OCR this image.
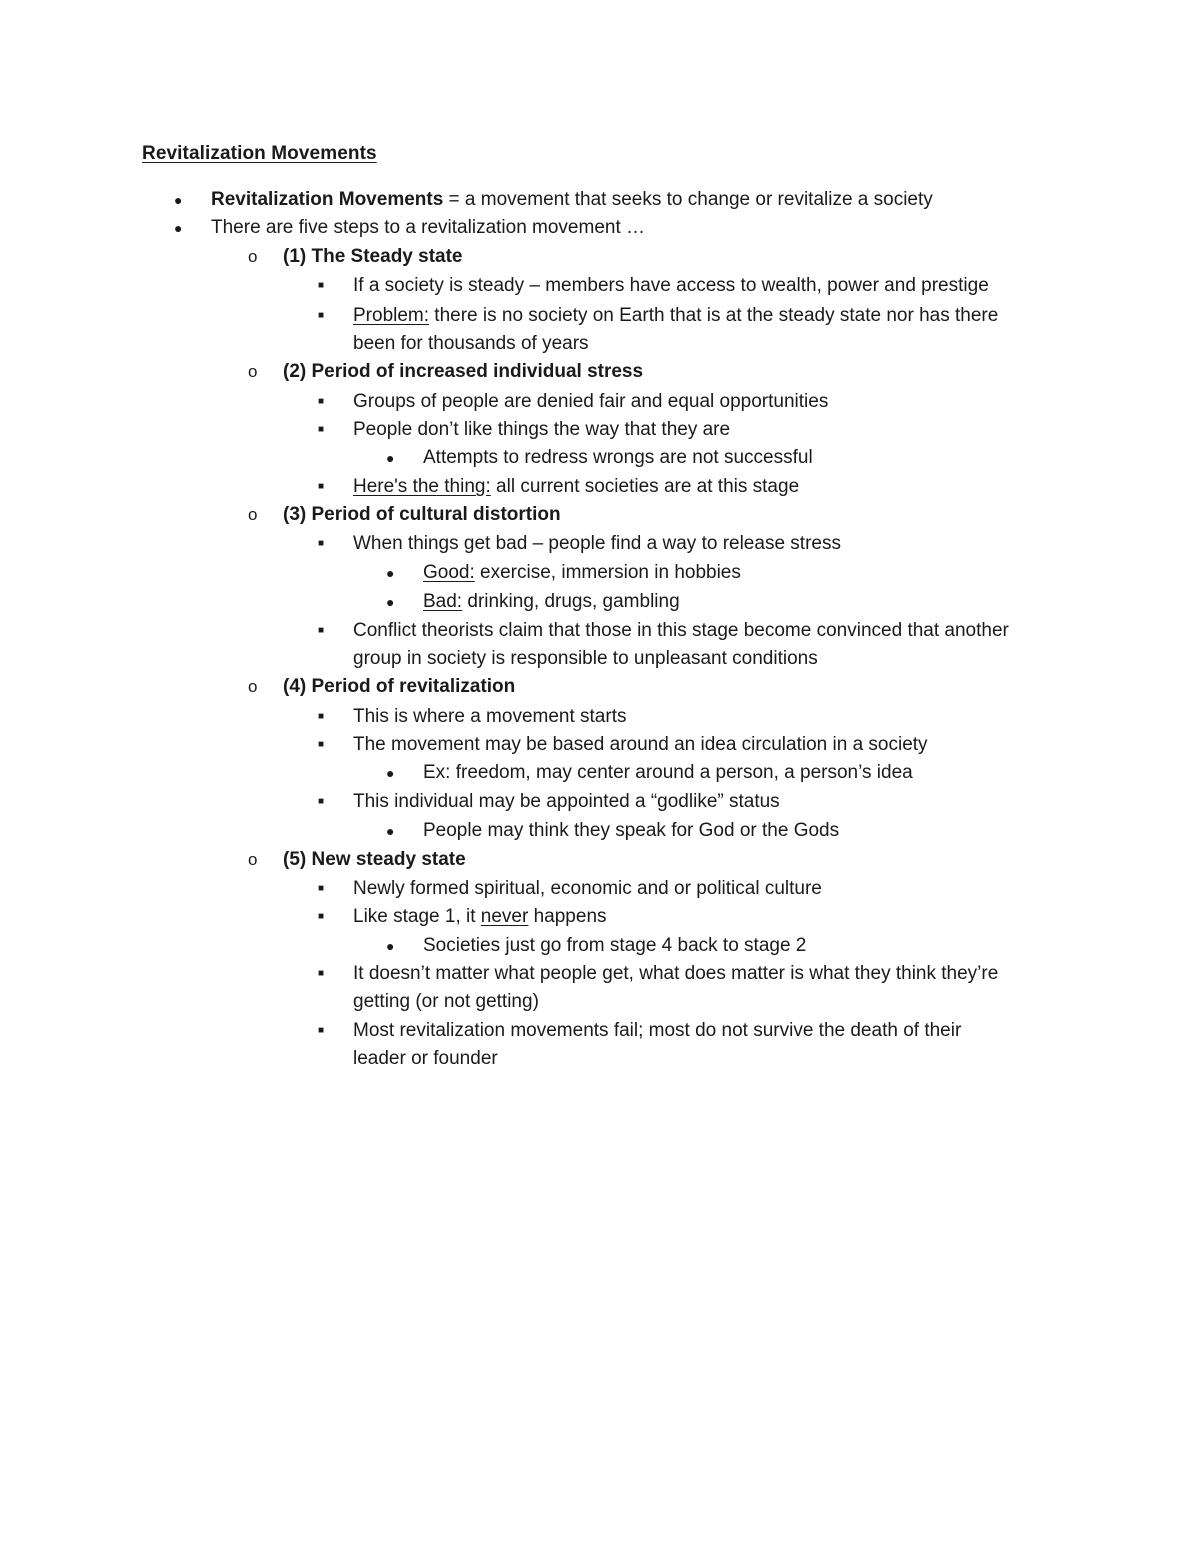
Revitalization Movements
●
Revitalization Movements = a movement that seeks to change or revitalize a society
●
There are five steps to a revitalization movement …
o (1) The Steady state
■ If a society is steady – members have access to wealth, power and prestige
■ Problem: there is no society on Earth that is at the steady state nor has there
been for thousands of years
o (2) Period of increased individual stress
■ Groups of people are denied fair and equal opportunities
■ People don’t like things the way that they are
●
Attempts to redress wrongs are not successful
■ Here's the thing: all current societies are at this stage
o (3) Period of cultural distortion
■ When things get bad – people find a way to release stress
●
Good: exercise, immersion in hobbies
●
Bad: drinking, drugs, gambling
■ Conflict theorists claim that those in this stage become convinced that another
group in society is responsible to unpleasant conditions
o (4) Period of revitalization
■ This is where a movement starts
■ The movement may be based around an idea circulation in a society
●
Ex: freedom, may center around a person, a person’s idea
■ This individual may be appointed a “godlike” status
●
People may think they speak for God or the Gods
o (5) New steady state
■ Newly formed spiritual, economic and or political culture
■ Like stage 1, it never happens
●
Societies just go from stage 4 back to stage 2
■ It doesn’t matter what people get, what does matter is what they think they’re
getting (or not getting)
■ Most revitalization movements fail; most do not survive the death of their
leader or founder
